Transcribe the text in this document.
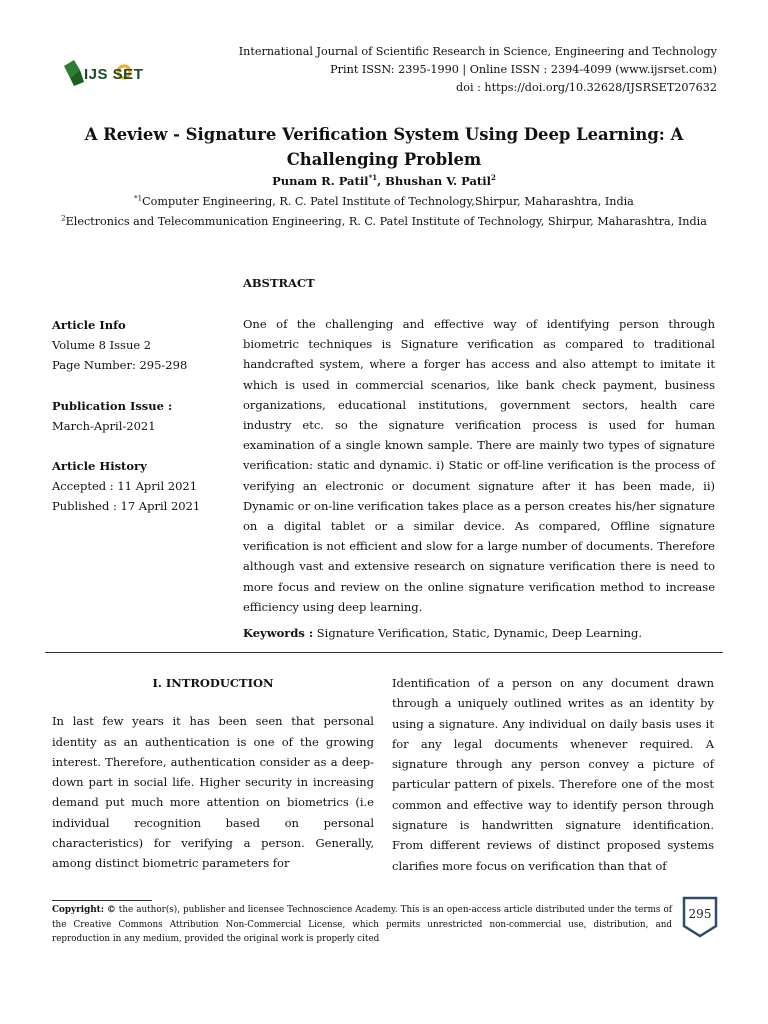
IJS SET
International Journal of Scientific Research in Science, Engineering and Technology
Print ISSN: 2395-1990 | Online ISSN : 2394-4099 (www.ijsrset.com)
doi : https://doi.org/10.32628/IJSRSET207632
A Review - Signature Verification System Using Deep Learning: A Challenging Problem
Punam R. Patil$^{*1}$, Bhushan V. Patil$^2$
$^{*1}$Computer Engineering, R. C. Patel Institute of Technology,Shirpur, Maharashtra, India
$^2$Electronics and Telecommunication Engineering, R. C. Patel Institute of Technology, Shirpur, Maharashtra, India
ABSTRACT
Article Info
Volume 8 Issue 2
Page Number: 295-298
Publication Issue :
March-April-2021
Article History
Accepted : 11 April 2021
Published : 17 April 2021
One of the challenging and effective way of identifying person through biometric techniques is Signature verification as compared to traditional handcrafted system, where a forger has access and also attempt to imitate it which is used in commercial scenarios, like bank check payment, business organizations, educational institutions, government sectors, health care industry etc. so the signature verification process is used for human examination of a single known sample. There are mainly two types of signature verification: static and dynamic. i) Static or off-line verification is the process of verifying an electronic or document signature after it has been made, ii) Dynamic or on-line verification takes place as a person creates his/her signature on a digital tablet or a similar device. As compared, Offline signature verification is not efficient and slow for a large number of documents. Therefore although vast and extensive research on signature verification there is need to more focus and review on the online signature verification method to increase efficiency using deep learning.
Keywords : Signature Verification, Static, Dynamic, Deep Learning.
I. INTRODUCTION
In last few years it has been seen that personal identity as an authentication is one of the growing interest. Therefore, authentication consider as a deep-down part in social life. Higher security in increasing demand put much more attention on biometrics (i.e individual recognition based on personal characteristics) for verifying a person. Generally, among distinct biometric parameters for
Identification of a person on any document drawn through a uniquely outlined writes as an identity by using a signature. Any individual on daily basis uses it for any legal documents whenever required. A signature through any person convey a picture of particular pattern of pixels. Therefore one of the most common and effective way to identify person through signature is handwritten signature identification. From different reviews of distinct proposed systems clarifies more focus on verification than that of
Copyright: © the author(s), publisher and licensee Technoscience Academy. This is an open-access article distributed under the terms of the Creative Commons Attribution Non-Commercial License, which permits unrestricted non-commercial use, distribution, and reproduction in any medium, provided the original work is properly cited
295
